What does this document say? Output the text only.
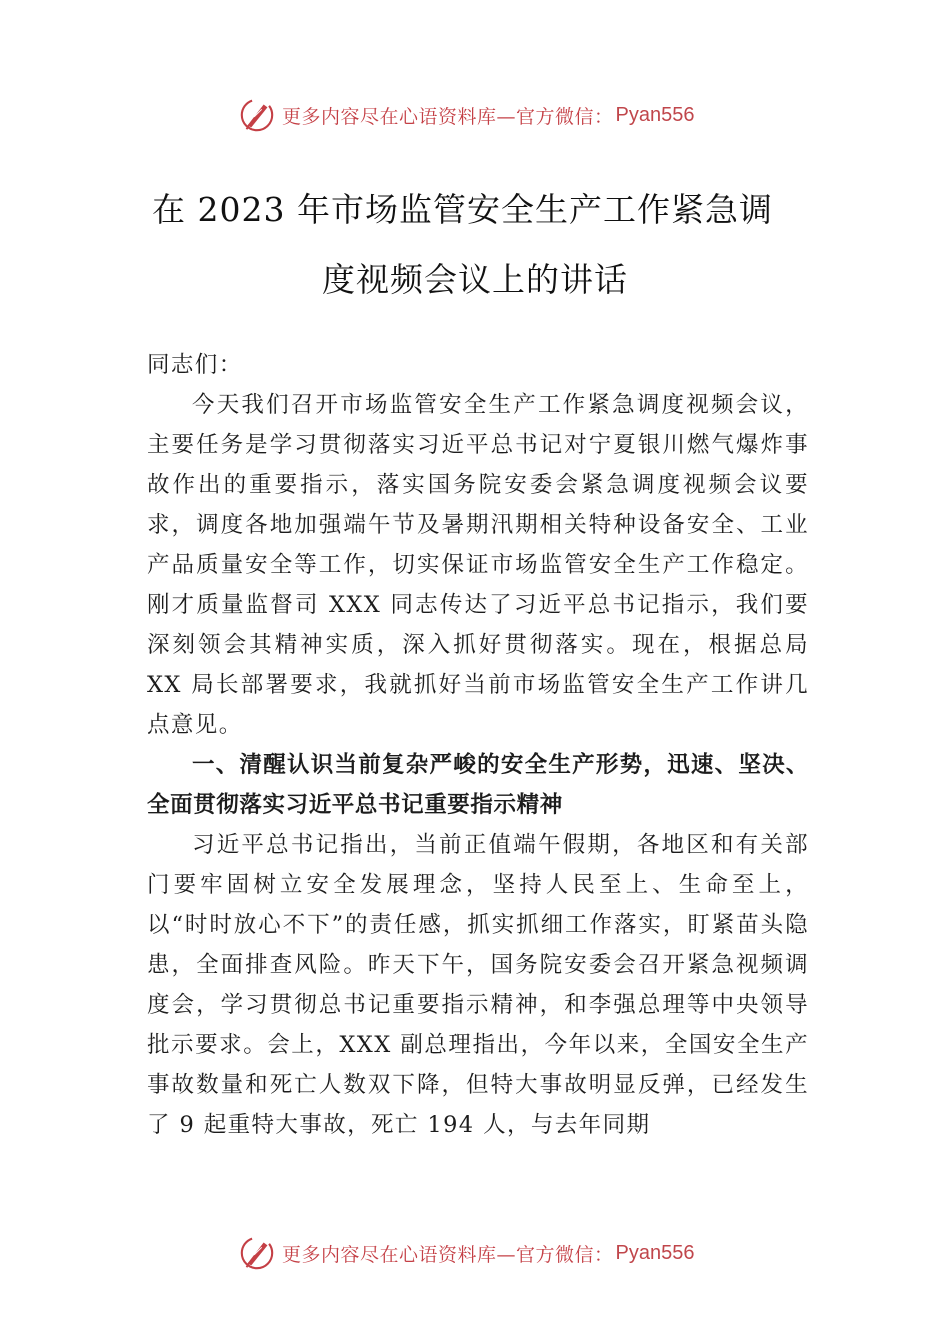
更多内容尽在心语资料库—官方微信： Pyan556
在 2023 年市场监管安全生产工作紧急调
度视频会议上的讲话

同志们：

今天我们召开市场监管安全生产工作紧急调度视频会议，主要任务是学习贯彻落实习近平总书记对宁夏银川燃气爆炸事故作出的重要指示，落实国务院安委会紧急调度视频会议要求，调度各地加强端午节及暑期汛期相关特种设备安全、工业产品质量安全等工作，切实保证市场监管安全生产工作稳定。刚才质量监督司 XXX 同志传达了习近平总书记指示，我们要深刻领会其精神实质，深入抓好贯彻落实。现在，根据总局 XX 局长部署要求，我就抓好当前市场监管安全生产工作讲几点意见。

一、清醒认识当前复杂严峻的安全生产形势，迅速、坚决、全面贯彻落实习近平总书记重要指示精神

习近平总书记指出，当前正值端午假期，各地区和有关部门要牢固树立安全发展理念，坚持人民至上、生命至上， 以“时时放心不下”的责任感，抓实抓细工作落实，盯紧苗头隐患，全面排查风险。昨天下午，国务院安委会召开紧急视频调度会，学习贯彻总书记重要指示精神，和李强总理等中央领导批示要求。会上，XXX 副总理指出，今年以来，全国安全生产事故数量和死亡人数双下降，但特大事故明显反弹，已经发生了 9 起重特大事故，死亡 194 人，与去年同期

更多内容尽在心语资料库—官方微信： Pyan556
